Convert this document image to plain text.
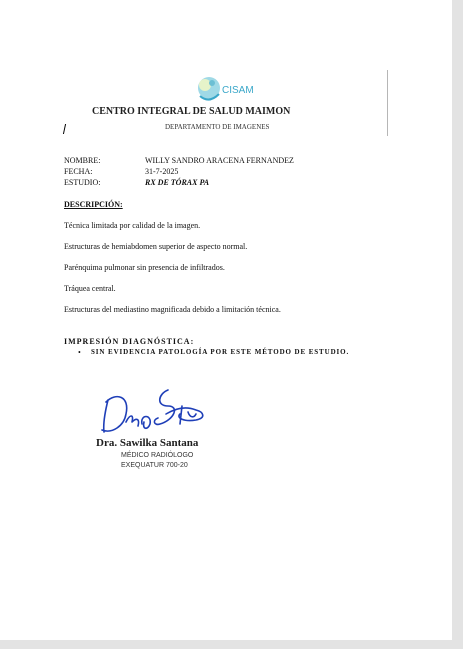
CISAM
CENTRO INTEGRAL DE SALUD MAIMON
DEPARTAMENTO DE IMAGENES
NOMBRE:	WILLY SANDRO ARACENA FERNANDEZ
FECHA:	31-7-2025
ESTUDIO:	RX DE TÓRAX PA
DESCRIPCIÓN:
Técnica limitada por calidad de la imagen.
Estructuras de hemiabdomen superior de aspecto normal.
Parénquima pulmonar sin presencia de infiltrados.
Tráquea central.
Estructuras del mediastino magnificada debido a limitación técnica.
IMPRESIÓN DIAGNÓSTICA:
• SIN EVIDENCIA PATOLOGÍA POR ESTE MÉTODO DE ESTUDIO.
Dra. Sawilka Santana
MÉDICO RADIÓLOGO
EXEQUATUR 700-20
